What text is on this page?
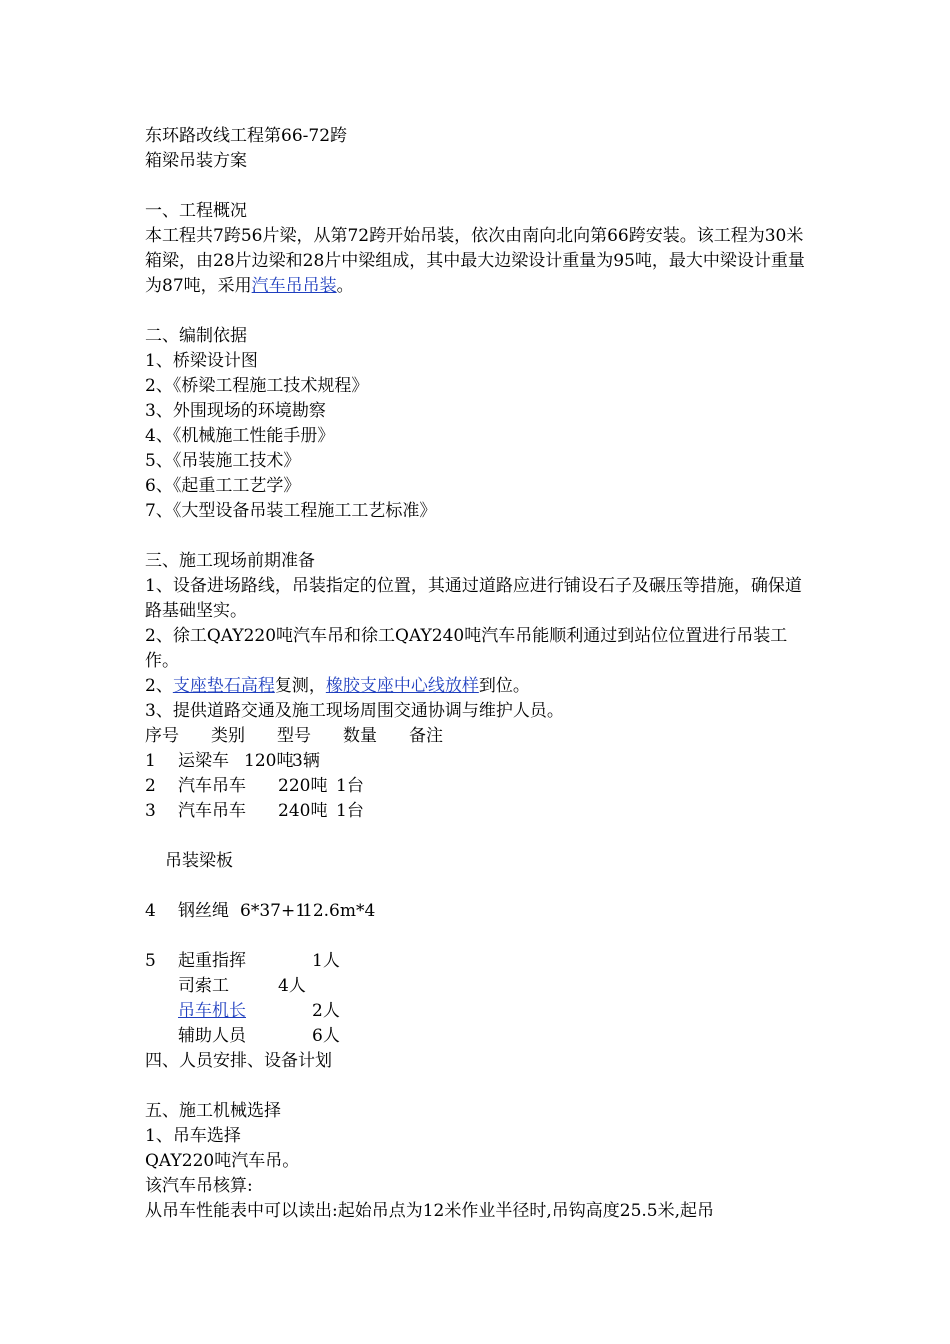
东环路改线工程第66-72跨
箱梁吊装方案
一、工程概况
本工程共7跨56片梁，从第72跨开始吊装，依次由南向北向第66跨安装。该工程为30米箱梁，由28片边梁和28片中梁组成，其中最大边梁设计重量为95吨，最大中梁设计重量为87吨，采用汽车吊吊装。
二、编制依据
1、桥梁设计图
2、《桥梁工程施工技术规程》
3、外围现场的环境勘察
4、《机械施工性能手册》
5、《吊装施工技术》
6、《起重工工艺学》
7、《大型设备吊装工程施工工艺标准》
三、施工现场前期准备
1、设备进场路线，吊装指定的位置，其通过道路应进行铺设石子及碾压等措施，确保道路基础坚实。
2、徐工QAY220吨汽车吊和徐工QAY240吨汽车吊能顺利通过到站位位置进行吊装工作。
2、支座垫石高程复测，橡胶支座中心线放样到位。
3、提供道路交通及施工现场周围交通协调与维护人员。
序号 类别 型号 数量 备注
1 运梁车 120吨3辆
2 汽车吊车 220吨 1台
3 汽车吊车 240吨 1台
吊装梁板
4 钢丝绳 6*37+112.6m*4
5 起重指挥	1人
司索工	4人
吊车机长	2人
辅助人员	6人
四、人员安排、设备计划
五、施工机械选择
1、吊车选择
QAY220吨汽车吊。
该汽车吊核算:
从吊车性能表中可以读出:起始吊点为12米作业半径时,吊钩高度25.5米,起吊
